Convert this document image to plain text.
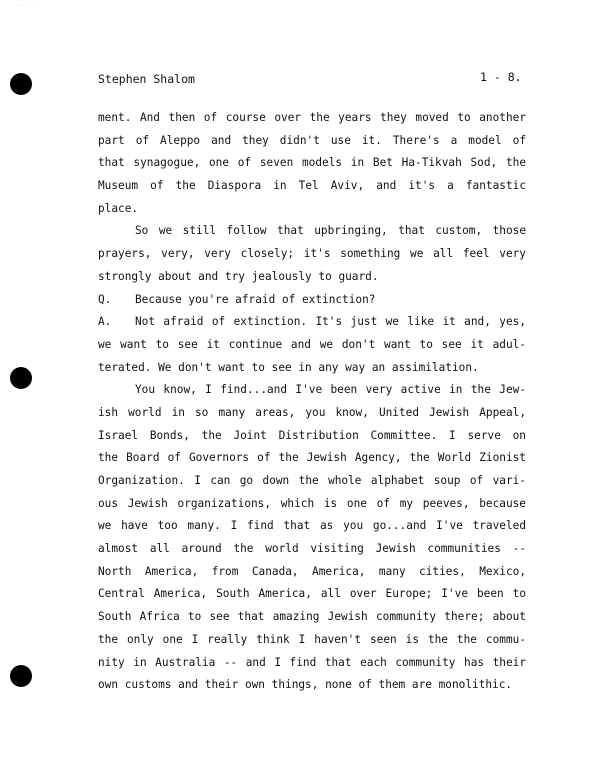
·· ··
Stephen Shalom	1 - 8.
ment. And then of course over the years they moved to another
part of Aleppo and they didn't use it. There's a model of
that synagogue, one of seven models in Bet Ha-Tikvah Sod, the
Museum of the Diaspora in Tel Aviv, and it's a fantastic
place.
So we still follow that upbringing, that custom, those
prayers, very, very closely; it's something we all feel very
strongly about and try jealously to guard.
Q.	Because you're afraid of extinction?
A.	Not afraid of extinction. It's just we like it and, yes,
we want to see it continue and we don't want to see it adul-
terated. We don't want to see in any way an assimilation.
You know, I find...and I've been very active in the Jew-
ish world in so many areas, you know, United Jewish Appeal,
Israel Bonds, the Joint Distribution Committee. I serve on
the Board of Governors of the Jewish Agency, the World Zionist
Organization. I can go down the whole alphabet soup of vari-
ous Jewish organizations, which is one of my peeves, because
we have too many. I find that as you go...and I've traveled
almost all around the world visiting Jewish communities --
North America, from Canada, America, many cities, Mexico,
Central America, South America, all over Europe; I've been to
South Africa to see that amazing Jewish community there; about
the only one I really think I haven't seen is the the commu-
nity in Australia -- and I find that each community has their
own customs and their own things, none of them are monolithic.
